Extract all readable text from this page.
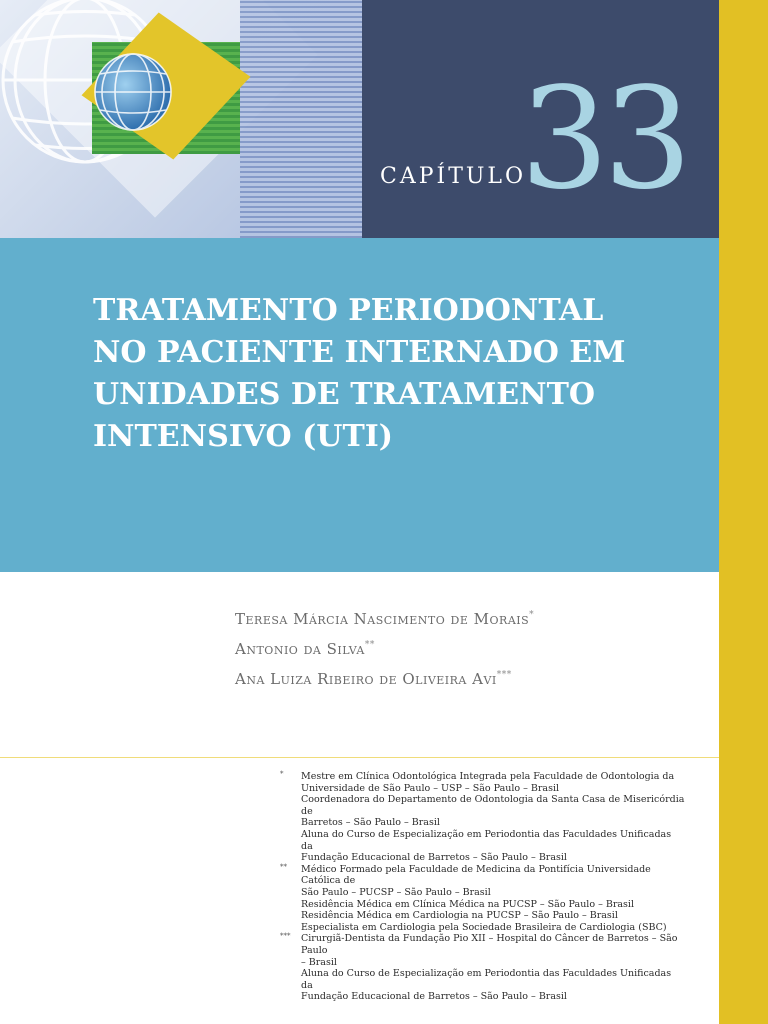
CAPÍTULO
33
TRATAMENTO PERIODONTAL
NO PACIENTE INTERNADO EM
UNIDADES DE TRATAMENTO
INTENSIVO (UTI)
Teresa Márcia Nascimento de Morais*
Antonio da Silva**
Ana Luiza Ribeiro de Oliveira Avi***
* Mestre em Clínica Odontológica Integrada pela Faculdade de Odontologia da
Universidade de São Paulo – USP – São Paulo – Brasil
Coordenadora do Departamento de Odontologia da Santa Casa de Misericórdia de
Barretos – São Paulo – Brasil
Aluna do Curso de Especialização em Periodontia das Faculdades Unificadas da
Fundação Educacional de Barretos – São Paulo – Brasil
** Médico Formado pela Faculdade de Medicina da Pontifícia Universidade Católica de
São Paulo – PUCSP – São Paulo – Brasil
Residência Médica em Clínica Médica na PUCSP – São Paulo – Brasil
Residência Médica em Cardiologia na PUCSP – São Paulo – Brasil
Especialista em Cardiologia pela Sociedade Brasileira de Cardiologia (SBC)
*** Cirurgiã-Dentista da Fundação Pio XII – Hospital do Câncer de Barretos – São Paulo
– Brasil
Aluna do Curso de Especialização em Periodontia das Faculdades Unificadas da
Fundação Educacional de Barretos – São Paulo – Brasil
